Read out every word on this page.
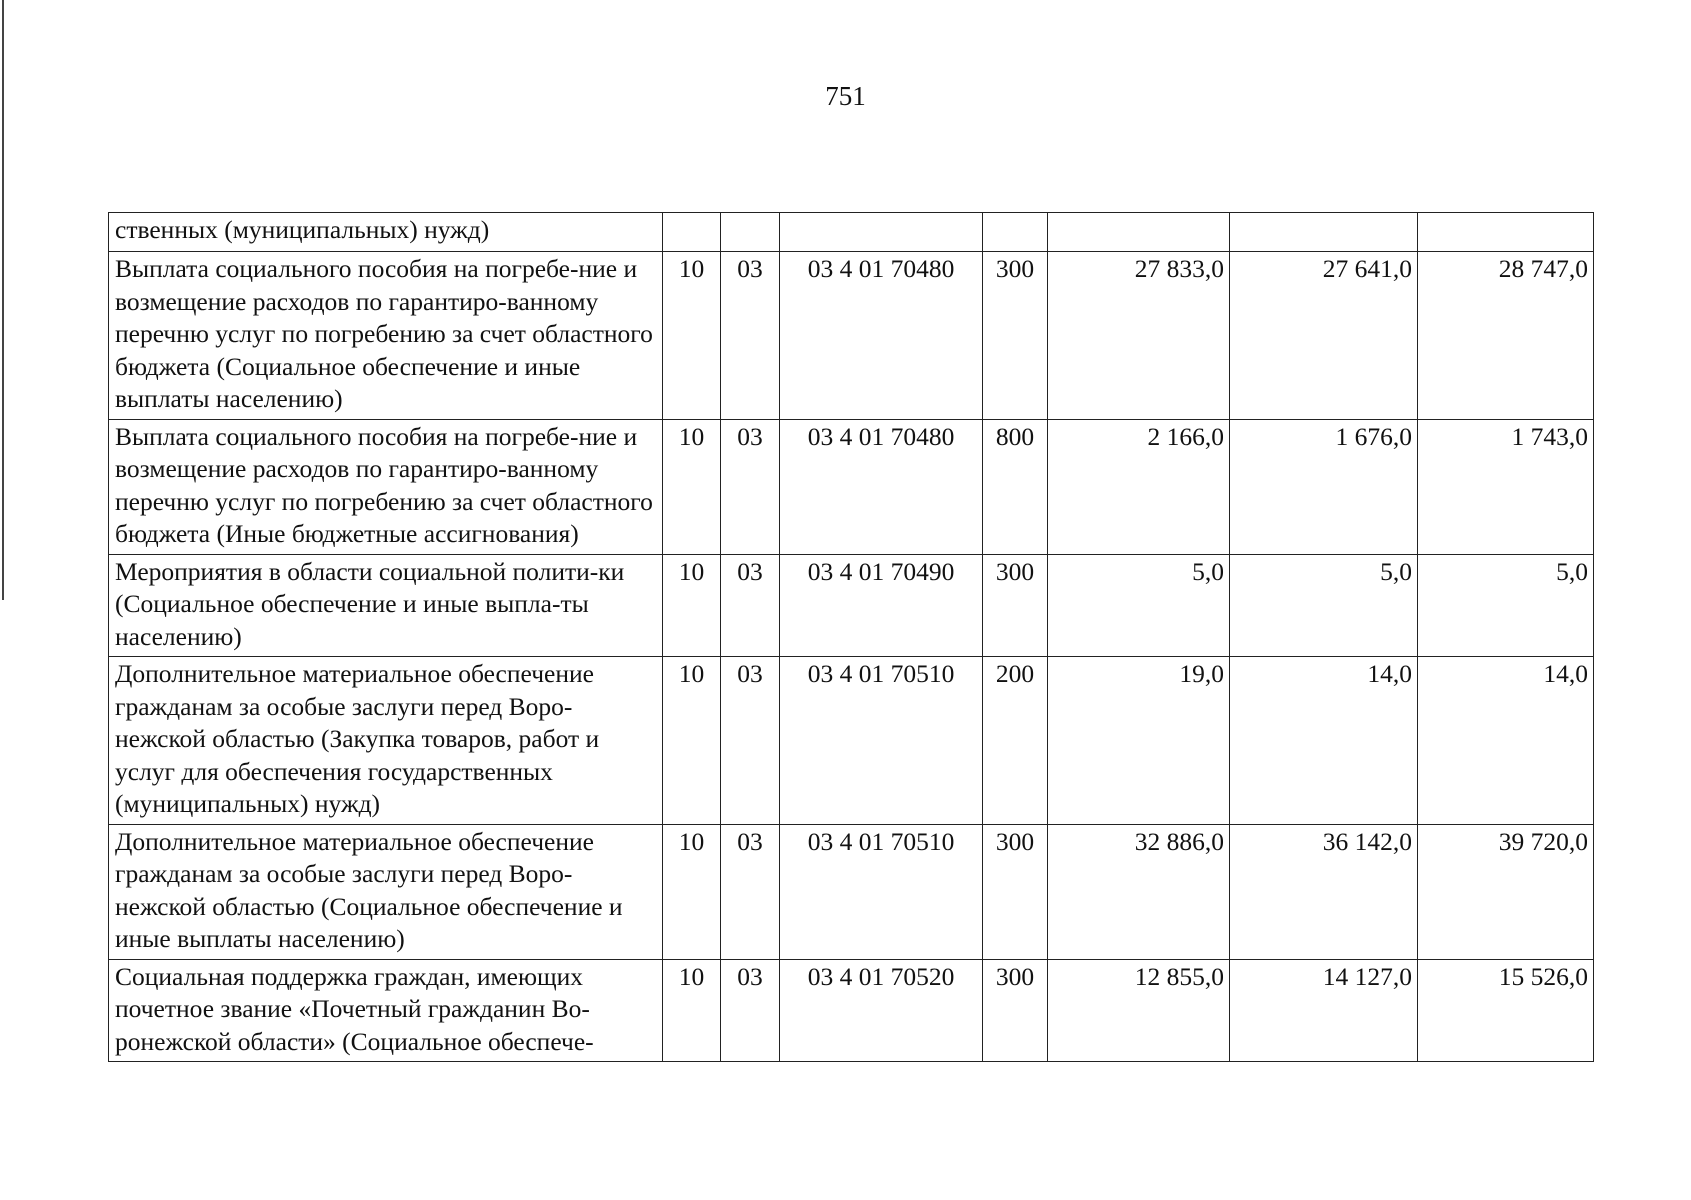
751
ственных (муниципальных) нужд)							
Выплата социального пособия на погребе-ние и возмещение расходов по гарантиро-ванному перечню услуг по погребению за счет областного бюджета (Социальное обеспечение и иные выплаты населению)	10	03	03 4 01 70480	300	27 833,0	27 641,0	28 747,0
Выплата социального пособия на погребе-ние и возмещение расходов по гарантиро-ванному перечню услуг по погребению за счет областного бюджета (Иные бюджетные ассигнования)	10	03	03 4 01 70480	800	2 166,0	1 676,0	1 743,0
Мероприятия в области социальной полити-ки (Социальное обеспечение и иные выпла-ты населению)	10	03	03 4 01 70490	300	5,0	5,0	5,0
Дополнительное материальное обеспечение гражданам за особые заслуги перед Воро-нежской областью (Закупка товаров, работ и услуг для обеспечения государственных (муниципальных) нужд)	10	03	03 4 01 70510	200	19,0	14,0	14,0
Дополнительное материальное обеспечение гражданам за особые заслуги перед Воро-нежской областью (Социальное обеспечение и иные выплаты населению)	10	03	03 4 01 70510	300	32 886,0	36 142,0	39 720,0
Социальная поддержка граждан, имеющих почетное звание «Почетный гражданин Во-ронежской области» (Социальное обеспече-	10	03	03 4 01 70520	300	12 855,0	14 127,0	15 526,0
